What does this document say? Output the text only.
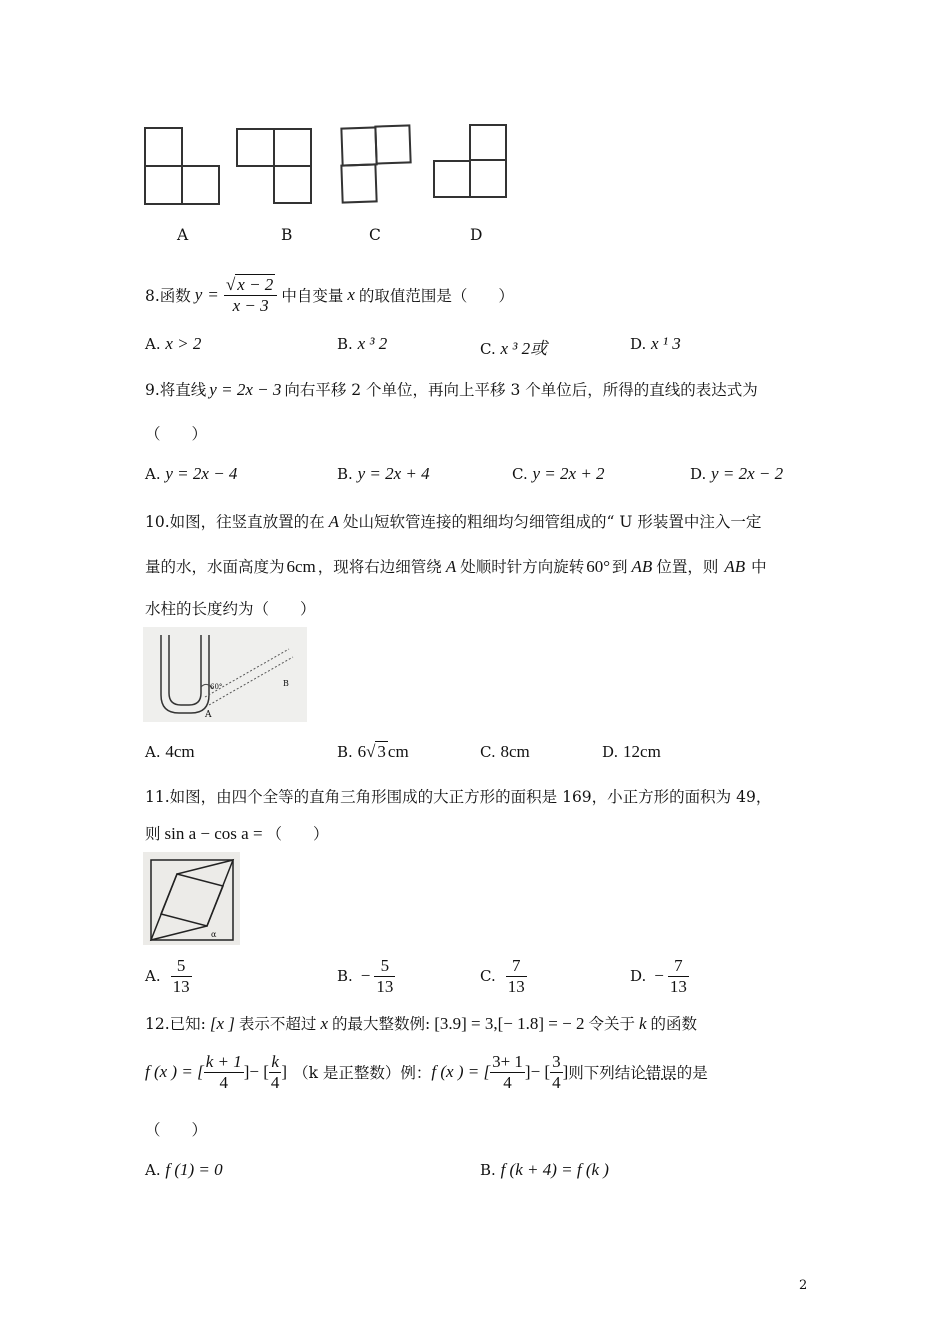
A	B	C	D
8.函数 $y = \frac{√ x - 2}{x - 3}$ 中自变量 x 的取值范围是（　　）
A. x > 2	B. x ³ 2	C. x ³ 2或	D. x ¹ 3
9.将直线 y = 2x − 3 向右平移 2 个单位，再向上平移 3 个单位后，所得的直线的表达式为
（　　）
A. y = 2x − 4	B. y = 2x + 4	C. y = 2x + 2	D. y = 2x − 2
10.如图，往竖直放置的在 A 处山短软管连接的粗细均匀细管组成的“ U 形装置中注入一定
量的水，水面高度为 6cm ，现将右边细管绕 A 处顺时针方向旋转 60° 到 AB 位置，则 AB 中
水柱的长度约为（　　）
60°
A
B
A. 4cm	B. 6√ 3 cm	C. 8cm	D. 12cm
11.如图，由四个全等的直角三角形围成的大正方形的面积是 169，小正方形的面积为 49，
则 sin a − cos a = （　　）
α
A. $\frac{5}{13}$	B. − $\frac{5}{13}$	C. $\frac{7}{13}$	D. − $\frac{7}{13}$
12.已知: [x ] 表示不超过 x 的最大整数例: [3.9] = 3,[− 1.8] = − 2 令关于 k 的函数
f (x ) = [ $\frac{k + 1}{4}$ ]− [ $\frac{k}{4}$ ] （k 是正整数）例： f (x ) = [ $\frac{3+ 1}{4}$ ]− [ $\frac{3}{4}$ ] 则下列结论 错误 的是
（　　）
A. f (1) = 0	B. f (k + 4) = f (k )
2
